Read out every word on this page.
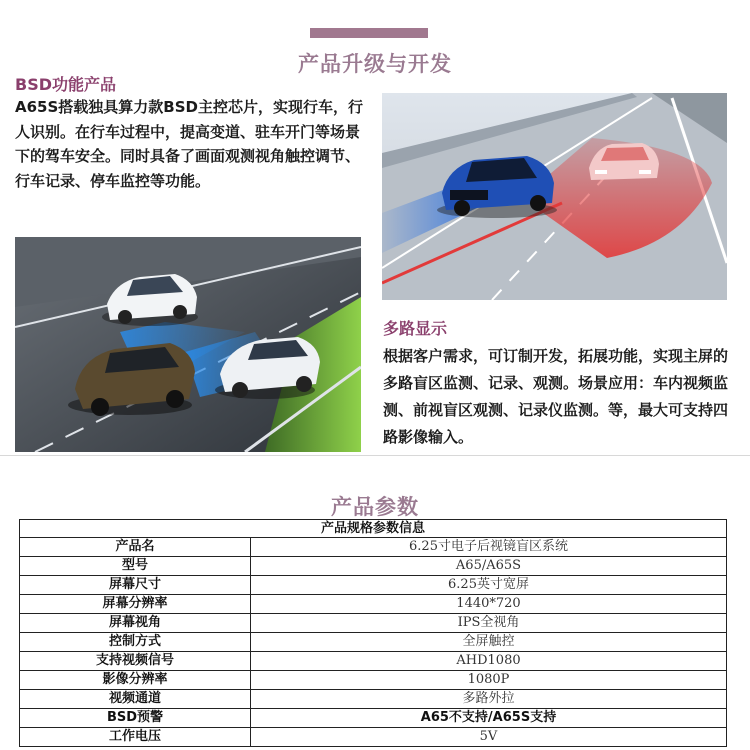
产品升级与开发
BSD功能产品
A65S搭载独具算力款BSD主控芯片，实现行车，行人识别。在行车过程中，提高变道、驻车开门等场景下的驾车安全。同时具备了画面观测视角触控调节、行车记录、停车监控等功能。
多路显示
根据客户需求，可订制开发，拓展功能，实现主屏的多路盲区监测、记录、观测。场景应用：车内视频监测、前视盲区观测、记录仪监测。等，最大可支持四路影像输入。
产品参数
产品规格参数信息	
产品名	6.25寸电子后视镜盲区系统
型号	A65/A65S
屏幕尺寸	6.25英寸宽屏
屏幕分辨率	1440*720
屏幕视角	IPS全视角
控制方式	全屏触控
支持视频信号	AHD1080
影像分辨率	1080P
视频通道	多路外拉
BSD预警	A65不支持/A65S支持
工作电压	5V
